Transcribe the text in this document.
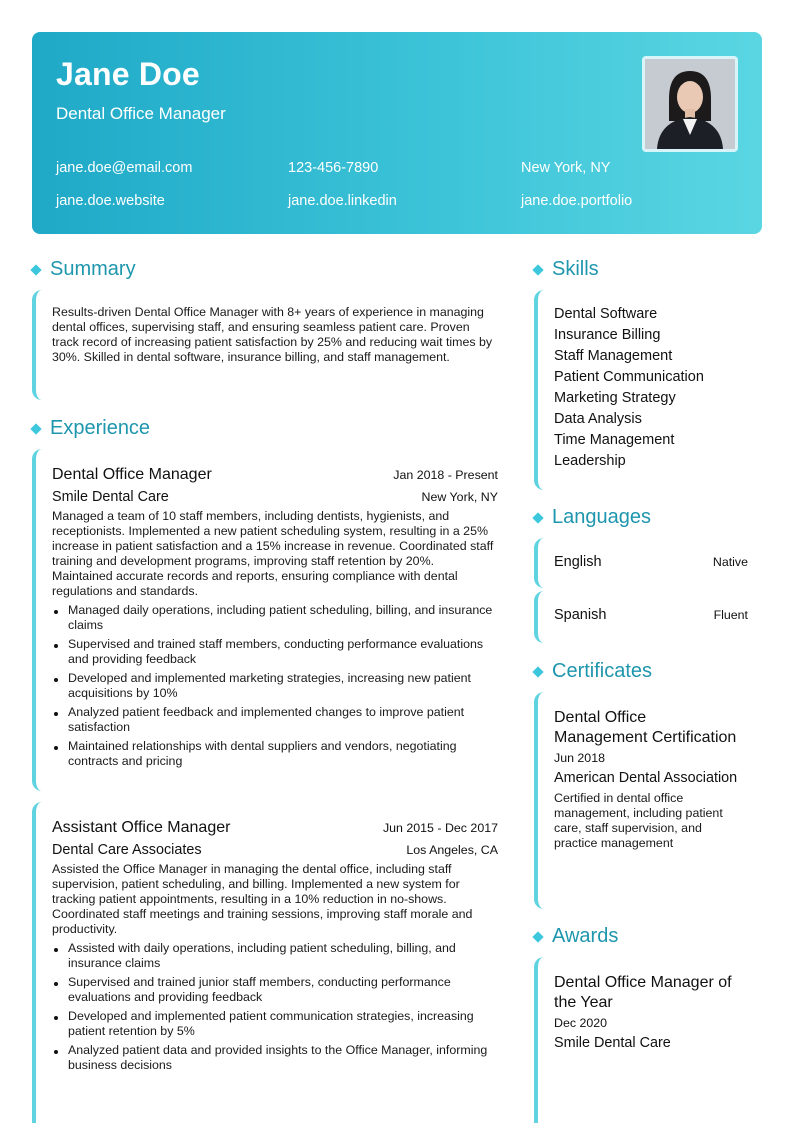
Jane Doe
Dental Office Manager
jane.doe@email.com	123-456-7890	New York, NY
jane.doe.website	jane.doe.linkedin	jane.doe.portfolio
Summary
Results-driven Dental Office Manager with 8+ years of experience in managing dental offices, supervising staff, and ensuring seamless patient care. Proven track record of increasing patient satisfaction by 25% and reducing wait times by 30%. Skilled in dental software, insurance billing, and staff management.
Experience
Dental Office Manager	Jan 2018 - Present
Smile Dental Care	New York, NY
Managed a team of 10 staff members, including dentists, hygienists, and receptionists. Implemented a new patient scheduling system, resulting in a 25% increase in patient satisfaction and a 15% increase in revenue. Coordinated staff training and development programs, improving staff retention by 20%. Maintained accurate records and reports, ensuring compliance with dental regulations and standards.
Managed daily operations, including patient scheduling, billing, and insurance claims
Supervised and trained staff members, conducting performance evaluations and providing feedback
Developed and implemented marketing strategies, increasing new patient acquisitions by 10%
Analyzed patient feedback and implemented changes to improve patient satisfaction
Maintained relationships with dental suppliers and vendors, negotiating contracts and pricing
Assistant Office Manager	Jun 2015 - Dec 2017
Dental Care Associates	Los Angeles, CA
Assisted the Office Manager in managing the dental office, including staff supervision, patient scheduling, and billing. Implemented a new system for tracking patient appointments, resulting in a 10% reduction in no-shows. Coordinated staff meetings and training sessions, improving staff morale and productivity.
Assisted with daily operations, including patient scheduling, billing, and insurance claims
Supervised and trained junior staff members, conducting performance evaluations and providing feedback
Developed and implemented patient communication strategies, increasing patient retention by 5%
Analyzed patient data and provided insights to the Office Manager, informing business decisions
Skills
Dental Software
Insurance Billing
Staff Management
Patient Communication
Marketing Strategy
Data Analysis
Time Management
Leadership
Languages
English	Native
Spanish	Fluent
Certificates
Dental Office Management Certification
Jun 2018
American Dental Association
Certified in dental office management, including patient care, staff supervision, and practice management
Awards
Dental Office Manager of the Year
Dec 2020
Smile Dental Care
